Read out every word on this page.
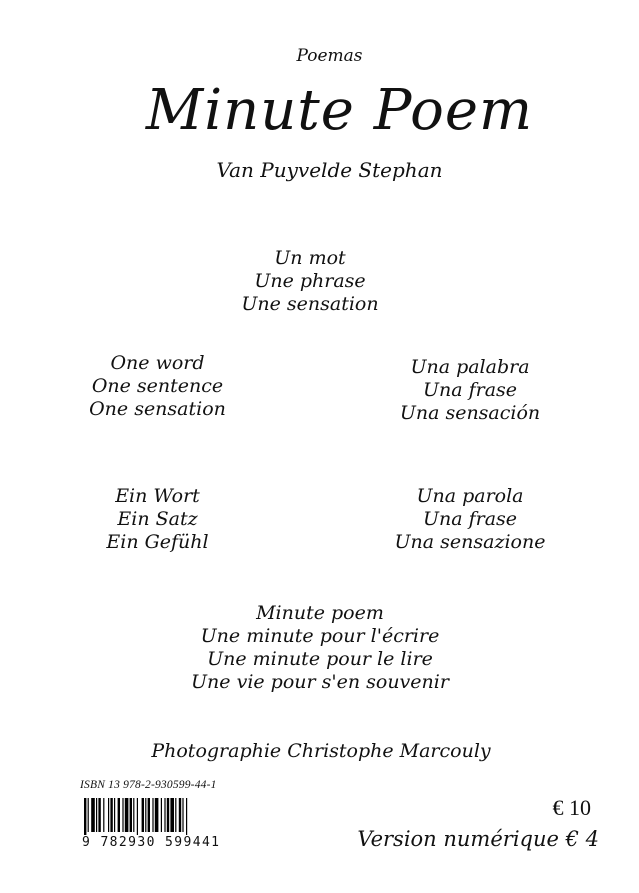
Poemas
Minute Poem
Van Puyvelde Stephan
Un mot
Une phrase
Une sensation
One word
One sentence
One sensation
Una palabra
Una frase
Una sensación
Ein Wort
Ein Satz
Ein Gefühl
Una parola
Una frase
Una sensazione
Minute poem
Une minute pour l'écrire
Une minute pour le lire
Une vie pour s'en souvenir
Photographie Christophe Marcouly
ISBN 13 978-2-930599-44-1
9 782930 599441
€ 10
Version numérique € 4
